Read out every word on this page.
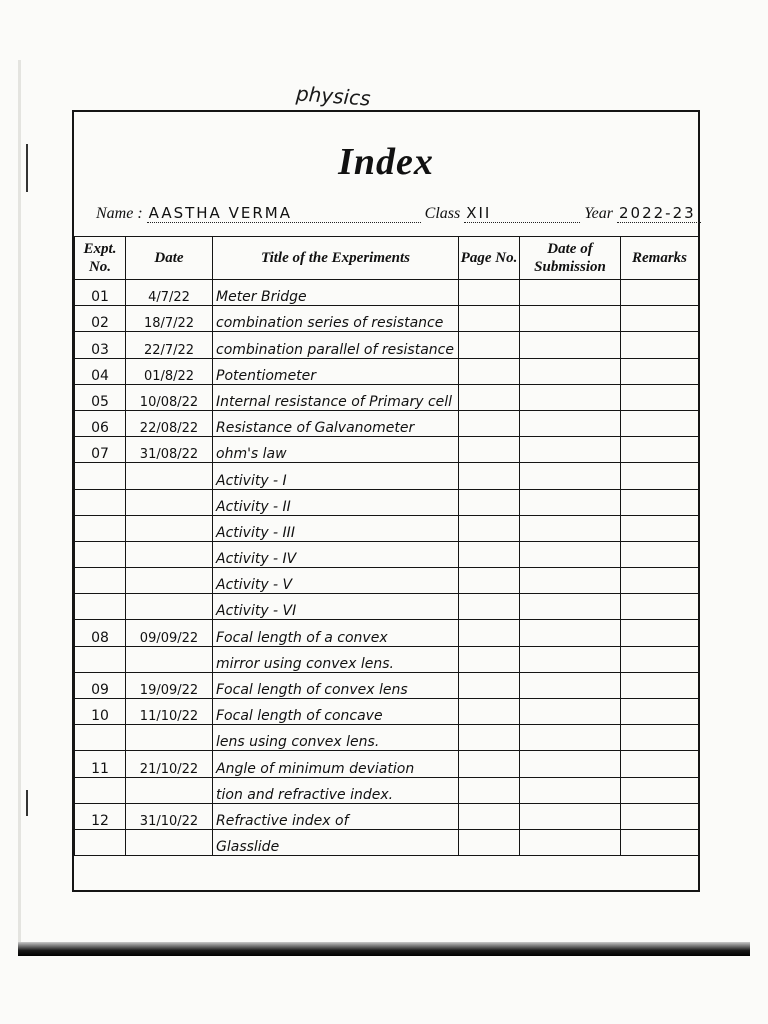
physics
Index
Name : AASTHA VERMA	Class XII	Year 2022-23
Expt. No.	Date	Title of the Experiments	Page No.	Date of Submission	Remarks
01	4/7/22	Meter Bridge			
02	18/7/22	combination series of resistance			
03	22/7/22	combination parallel of resistance			
04	01/8/22	Potentiometer			
05	10/08/22	Internal resistance of Primary cell			
06	22/08/22	Resistance of Galvanometer			
07	31/08/22	ohm's law			
		Activity - I			
		Activity - II			
		Activity - III			
		Activity - IV			
		Activity - V			
		Activity - VI			
08	09/09/22	Focal length of a convex			
		mirror using convex lens.			
09	19/09/22	Focal length of convex lens			
10	11/10/22	Focal length of concave			
		lens using convex lens.			
11	21/10/22	Angle of minimum deviation			
		tion and refractive index.			
12	31/10/22	Refractive index of			
		Glasslide			
